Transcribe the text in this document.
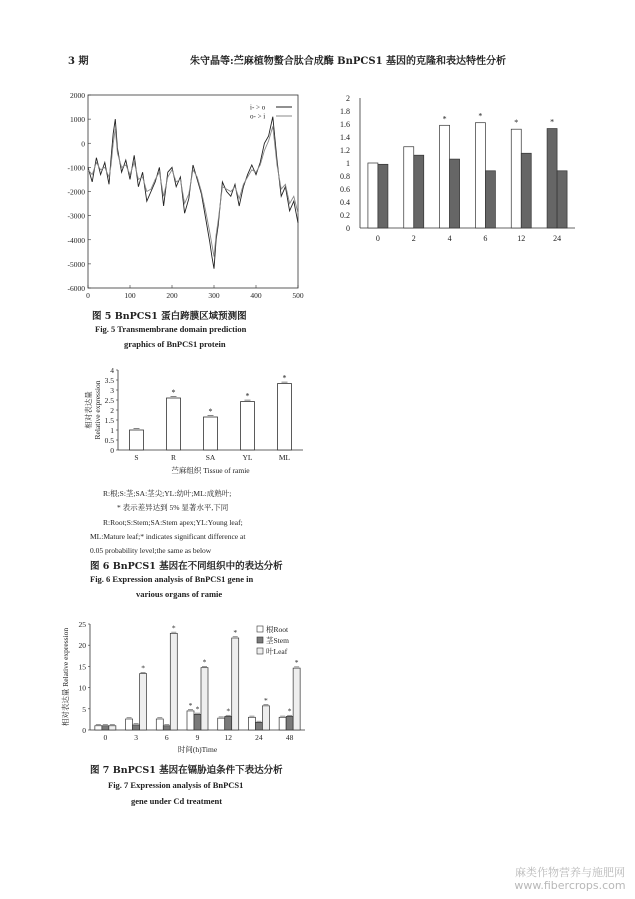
3 期	朱守晶等:苎麻植物螯合肽合成酶 BnPCS1 基因的克隆和表达特性分析
2000
1000
0
-1000
-2000
-3000
-4000
-5000
-6000
0	100	200	300	400	500
i- > o
o- > i
图 5 BnPCS1 蛋白跨膜区域预测图
Fig. 5 Transmembrane domain prediction
graphics of BnPCS1 protein
0
0.2
0.4
0.6
0.8
1
1.2
1.4
1.6
1.8
2
0	2	4	6	12	24
*	*
*	*
0
0.5
1
1.5
2
2.5
3
3.5
4
相对表达量 Relative expression
S	R	SA	YL	ML
苎麻组织 Tissue of ramie
*
*
*
*
R:根;S:茎;SA:茎尖;YL:幼叶;ML:成熟叶;
* 表示差异达到 5% 显著水平,下同
R:Root;S:Stem;SA:Stem apex;YL:Young leaf;
ML:Mature leaf;* indicates significant difference at
0.05 probability level;the same as below
图 6 BnPCS1 基因在不同组织中的表达分析
Fig. 6 Expression analysis of BnPCS1 gene in
various organs of ramie
0
5
10
15
20
25
相对表达量 Relative expression
0	3	6	9	12	24	48
时间(h)Time
*
*
* *
*
*
*
*
*
*
根Root
茎Stem
叶Leaf
图 7 BnPCS1 基因在镉胁迫条件下表达分析
Fig. 7 Expression analysis of BnPCS1
gene under Cd treatment
麻类作物营养与施肥网 www.fibercrops.com
